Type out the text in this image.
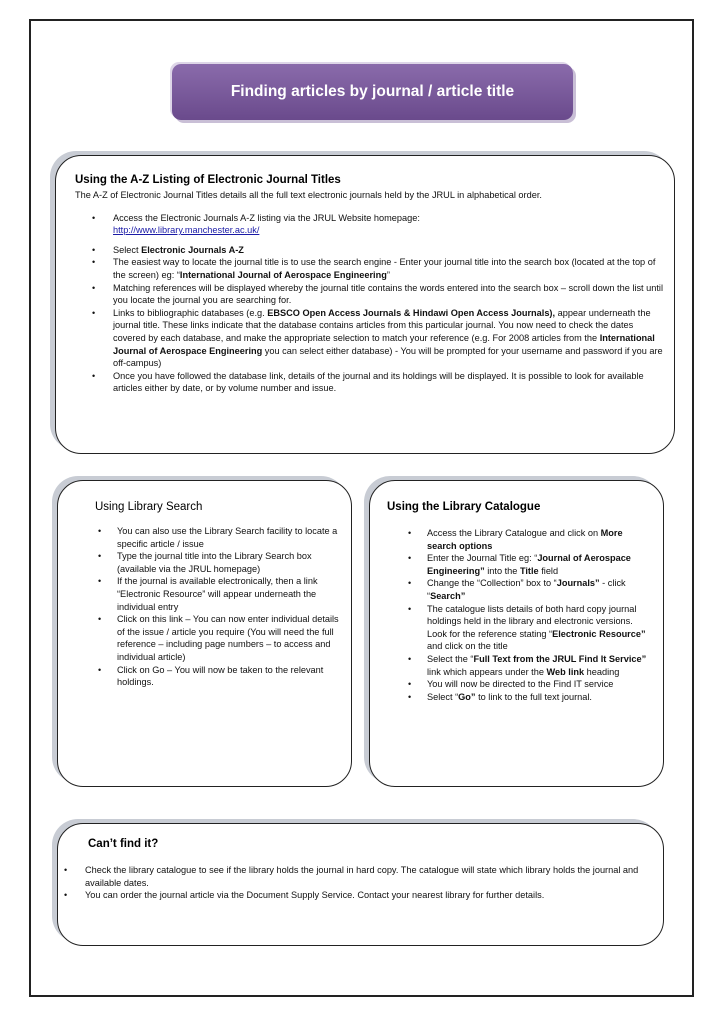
Finding articles by journal / article title
Using the A-Z Listing of Electronic Journal Titles

The A-Z of Electronic Journal Titles details all the full text electronic journals held by the JRUL in alphabetical order.

• Access the Electronic Journals A-Z listing via the JRUL Website homepage:
http://www.library.manchester.ac.uk/
• Select Electronic Journals A-Z
• The easiest way to locate the journal title is to use the search engine - Enter your journal title into the search box (located at the top of the screen) eg: “International Journal of Aerospace Engineering”
• Matching references will be displayed whereby the journal title contains the words entered into the search box – scroll down the list until you locate the journal you are searching for.
• Links to bibliographic databases (e.g. EBSCO Open Access Journals & Hindawi Open Access Journals), appear underneath the journal title. These links indicate that the database contains articles from this particular journal. You now need to check the dates covered by each database, and make the appropriate selection to match your reference (e.g. For 2008 articles from the International Journal of Aerospace Engineering you can select either database) - You will be prompted for your username and password if you are off-campus)
• Once you have followed the database link, details of the journal and its holdings will be displayed. It is possible to look for available articles either by date, or by volume number and issue.
Using Library Search
• You can also use the Library Search facility to locate a specific article / issue
• Type the journal title into the Library Search box (available via the JRUL homepage)
• If the journal is available electronically, then a link “Electronic Resource” will appear underneath the individual entry
• Click on this link – You can now enter individual details of the issue / article you require (You will need the full reference – including page numbers – to access and individual article)
• Click on Go – You will now be taken to the relevant holdings.
Using the Library Catalogue
• Access the Library Catalogue and click on More search options
• Enter the Journal Title eg: “Journal of Aerospace Engineering” into the Title field
• Change the “Collection” box to “Journals” - click “Search”
• The catalogue lists details of both hard copy journal holdings held in the library and electronic versions. Look for the reference stating “Electronic Resource” and click on the title
• Select the “Full Text from the JRUL Find It Service” link which appears under the Web link heading
• You will now be directed to the Find IT service
• Select “Go” to link to the full text journal.
Can’t find it?
• Check the library catalogue to see if the library holds the journal in hard copy. The catalogue will state which library holds the journal and available dates.
• You can order the journal article via the Document Supply Service. Contact your nearest library for further details.
